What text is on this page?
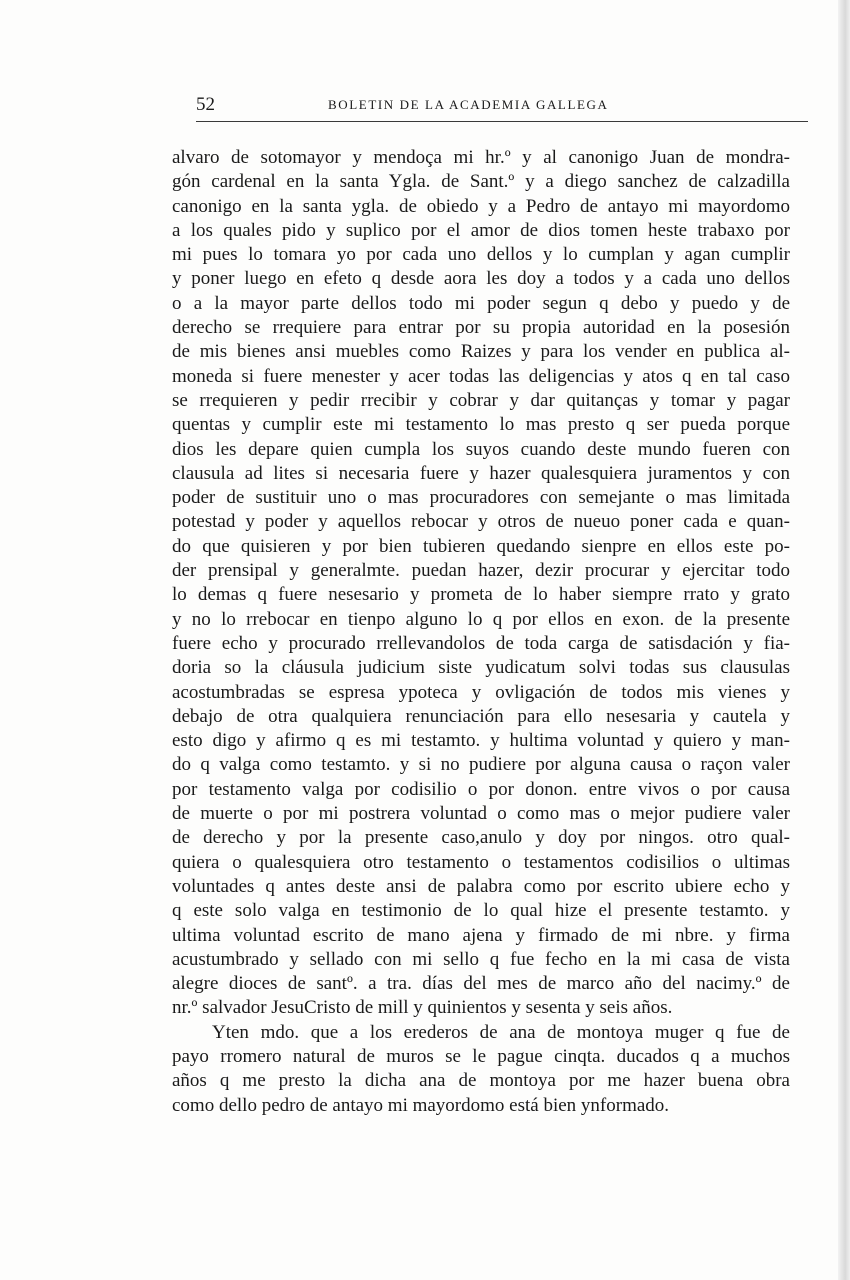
52	BOLETIN DE LA ACADEMIA GALLEGA
alvaro de sotomayor y mendoça mi hr.º y al canonigo Juan de mondra-
gón cardenal en la santa Ygla. de Sant.º y a diego sanchez de calzadilla
canonigo en la santa ygla. de obiedo y a Pedro de antayo mi mayordomo
a los quales pido y suplico por el amor de dios tomen heste trabaxo por
mi pues lo tomara yo por cada uno dellos y lo cumplan y agan cumplir
y poner luego en efeto q desde aora les doy a todos y a cada uno dellos
o a la mayor parte dellos todo mi poder segun q debo y puedo y de
derecho se rrequiere para entrar por su propia autoridad en la posesión
de mis bienes ansi muebles como Raizes y para los vender en publica al-
moneda si fuere menester y acer todas las deligencias y atos q en tal caso
se rrequieren y pedir rrecibir y cobrar y dar quitanças y tomar y pagar
quentas y cumplir este mi testamento lo mas presto q ser pueda porque
dios les depare quien cumpla los suyos cuando deste mundo fueren con
clausula ad lites si necesaria fuere y hazer qualesquiera juramentos y con
poder de sustituir uno o mas procuradores con semejante o mas limitada
potestad y poder y aquellos rebocar y otros de nueuo poner cada e quan-
do que quisieren y por bien tubieren quedando sienpre en ellos este po-
der prensipal y generalmte. puedan hazer, dezir procurar y ejercitar todo
lo demas q fuere nesesario y prometa de lo haber siempre rrato y grato
y no lo rrebocar en tienpo alguno lo q por ellos en exon. de la presente
fuere echo y procurado rrellevandolos de toda carga de satisdación y fia-
doria so la cláusula judicium siste yudicatum solvi todas sus clausulas
acostumbradas se espresa ypoteca y ovligación de todos mis vienes y
debajo de otra qualquiera renunciación para ello nesesaria y cautela y
esto digo y afirmo q es mi testamto. y hultima voluntad y quiero y man-
do q valga como testamto. y si no pudiere por alguna causa o raçon valer
por testamento valga por codisilio o por donon. entre vivos o por causa
de muerte o por mi postrera voluntad o como mas o mejor pudiere valer
de derecho y por la presente caso,anulo y doy por ningos. otro qual-
quiera o qualesquiera otro testamento o testamentos codisilios o ultimas
voluntades q antes deste ansi de palabra como por escrito ubiere echo y
q este solo valga en testimonio de lo qual hize el presente testamto. y
ultima voluntad escrito de mano ajena y firmado de mi nbre. y firma
acustumbrado y sellado con mi sello q fue fecho en la mi casa de vista
alegre dioces de santº. a tra. días del mes de marco año del nacimy.º de
nr.º salvador JesuCristo de mill y quinientos y sesenta y seis años.
Yten mdo. que a los erederos de ana de montoya muger q fue de
payo rromero natural de muros se le pague cinqta. ducados q a muchos
años q me presto la dicha ana de montoya por me hazer buena obra
como dello pedro de antayo mi mayordomo está bien ynformado.
